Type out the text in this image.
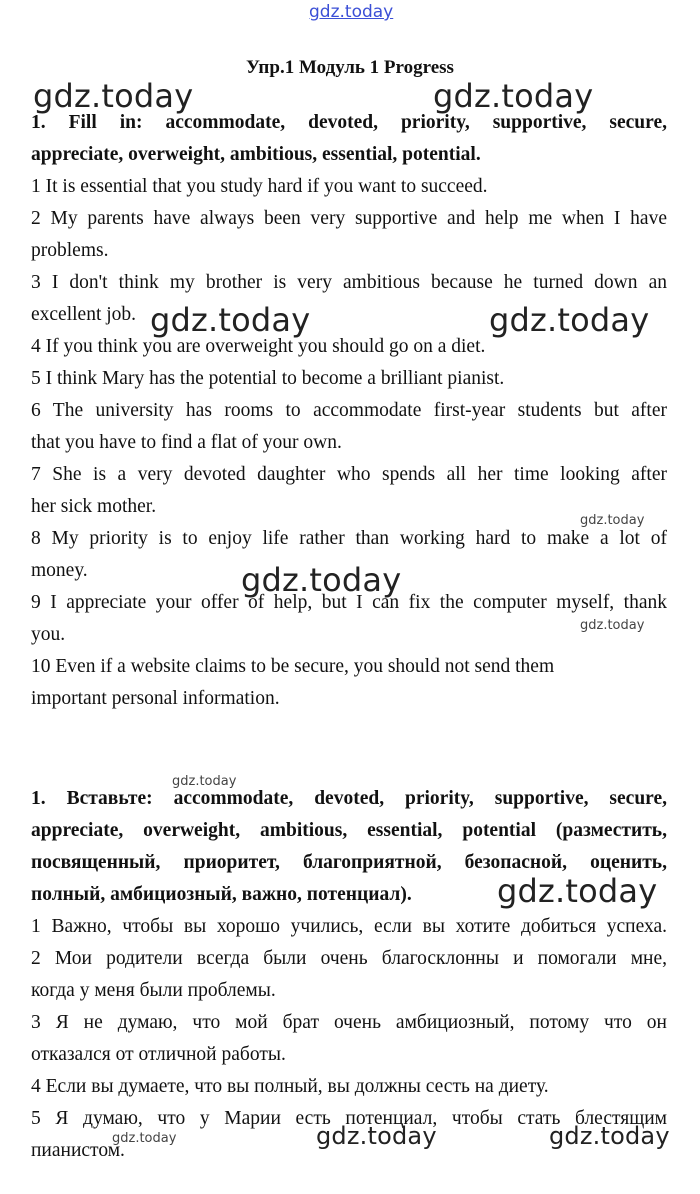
gdz.today
gdz.today	gdz.today
gdz.today	gdz.today
gdz.today
gdz.today
gdz.today
gdz.today
gdz.today
gdz.today	gdz.today	gdz.today
Упр.1 Модуль 1 Progress
1. Fill in: accommodate, devoted, priority, supportive, secure,
appreciate, overweight, ambitious, essential, potential.
1 It is essential that you study hard if you want to succeed.
2 My parents have always been very supportive and help me when I have
problems.
3 I don't think my brother is very ambitious because he turned down an
excellent job.
4 If you think you are overweight you should go on a diet.
5 I think Mary has the potential to become a brilliant pianist.
6 The university has rooms to accommodate first-year students but after
that you have to find a flat of your own.
7 She is a very devoted daughter who spends all her time looking after
her sick mother.
8 My priority is to enjoy life rather than working hard to make a lot of
money.
9 I appreciate your offer of help, but I can fix the computer myself, thank
you.
10 Even if a website claims to be secure, you should not send them
important personal information.
1. Вставьте: accommodate, devoted, priority, supportive, secure,
appreciate, overweight, ambitious, essential, potential (разместить,
посвященный, приоритет, благоприятной, безопасной, оценить,
полный, амбициозный, важно, потенциал).
1 Важно, чтобы вы хорошо учились, если вы хотите добиться успеха.
2 Мои родители всегда были очень благосклонны и помогали мне,
когда у меня были проблемы.
3 Я не думаю, что мой брат очень амбициозный, потому что он
отказался от отличной работы.
4 Если вы думаете, что вы полный, вы должны сесть на диету.
5 Я думаю, что у Марии есть потенциал, чтобы стать блестящим
пианистом.
